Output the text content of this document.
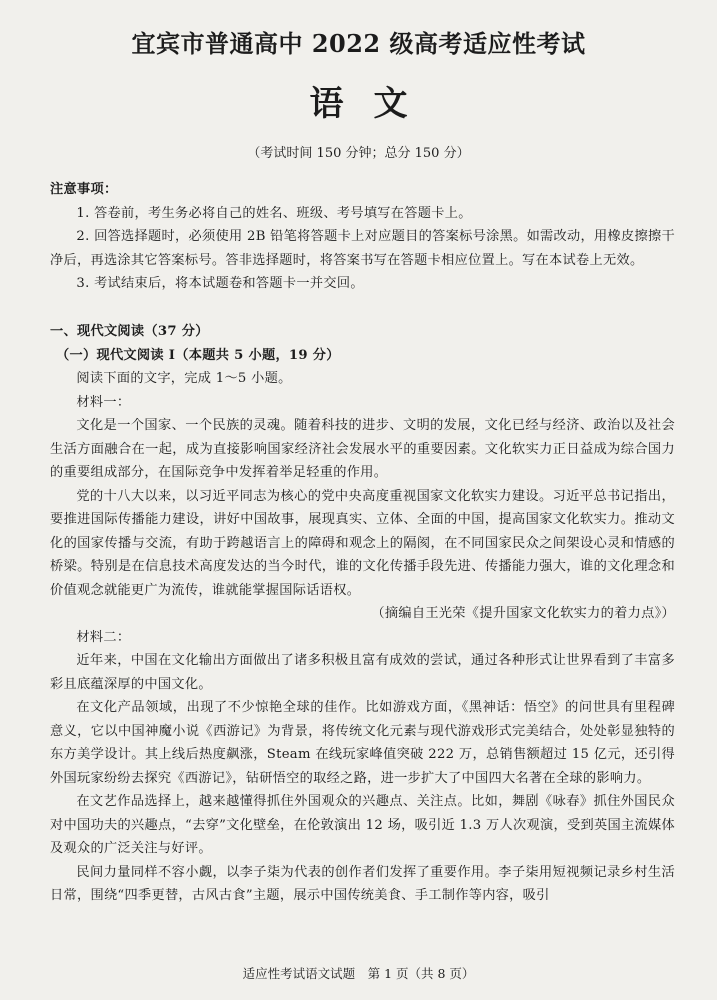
宜宾市普通高中 2022 级高考适应性考试
语文
（考试时间 150 分钟；总分 150 分）

注意事项：

1. 答卷前，考生务必将自己的姓名、班级、考号填写在答题卡上。

2. 回答选择题时，必须使用 2B 铅笔将答题卡上对应题目的答案标号涂黑。如需改动，用橡皮擦擦干净后，再选涂其它答案标号。答非选择题时，将答案书写在答题卡相应位置上。写在本试卷上无效。

3. 考试结束后，将本试题卷和答题卡一并交回。

一、现代文阅读（37 分）

（一）现代文阅读 I（本题共 5 小题，19 分）

阅读下面的文字，完成 1～5 小题。

材料一：

文化是一个国家、一个民族的灵魂。随着科技的进步、文明的发展，文化已经与经济、政治以及社会生活方面融合在一起，成为直接影响国家经济社会发展水平的重要因素。文化软实力正日益成为综合国力的重要组成部分，在国际竞争中发挥着举足轻重的作用。

党的十八大以来，以习近平同志为核心的党中央高度重视国家文化软实力建设。习近平总书记指出，要推进国际传播能力建设，讲好中国故事，展现真实、立体、全面的中国，提高国家文化软实力。推动文化的国家传播与交流，有助于跨越语言上的障碍和观念上的隔阂，在不同国家民众之间架设心灵和情感的桥梁。特别是在信息技术高度发达的当今时代，谁的文化传播手段先进、传播能力强大，谁的文化理念和价值观念就能更广为流传，谁就能掌握国际话语权。

（摘编自王光荣《提升国家文化软实力的着力点》）

材料二：

近年来，中国在文化输出方面做出了诸多积极且富有成效的尝试，通过各种形式让世界看到了丰富多彩且底蕴深厚的中国文化。

在文化产品领域，出现了不少惊艳全球的佳作。比如游戏方面，《黑神话：悟空》的问世具有里程碑意义，它以中国神魔小说《西游记》为背景，将传统文化元素与现代游戏形式完美结合，处处彰显独特的东方美学设计。其上线后热度飙涨，Steam 在线玩家峰值突破 222 万，总销售额超过 15 亿元，还引得外国玩家纷纷去探究《西游记》，钻研悟空的取经之路，进一步扩大了中国四大名著在全球的影响力。

在文艺作品选择上，越来越懂得抓住外国观众的兴趣点、关注点。比如，舞剧《咏春》抓住外国民众对中国功夫的兴趣点，“去穿”文化壁垒，在伦敦演出 12 场，吸引近 1.3 万人次观演，受到英国主流媒体及观众的广泛关注与好评。

民间力量同样不容小觑，以李子柒为代表的创作者们发挥了重要作用。李子柒用短视频记录乡村生活日常，围绕“四季更替，古风古食”主题，展示中国传统美食、手工制作等内容，吸引

适应性考试语文试题　第 1 页（共 8 页）
